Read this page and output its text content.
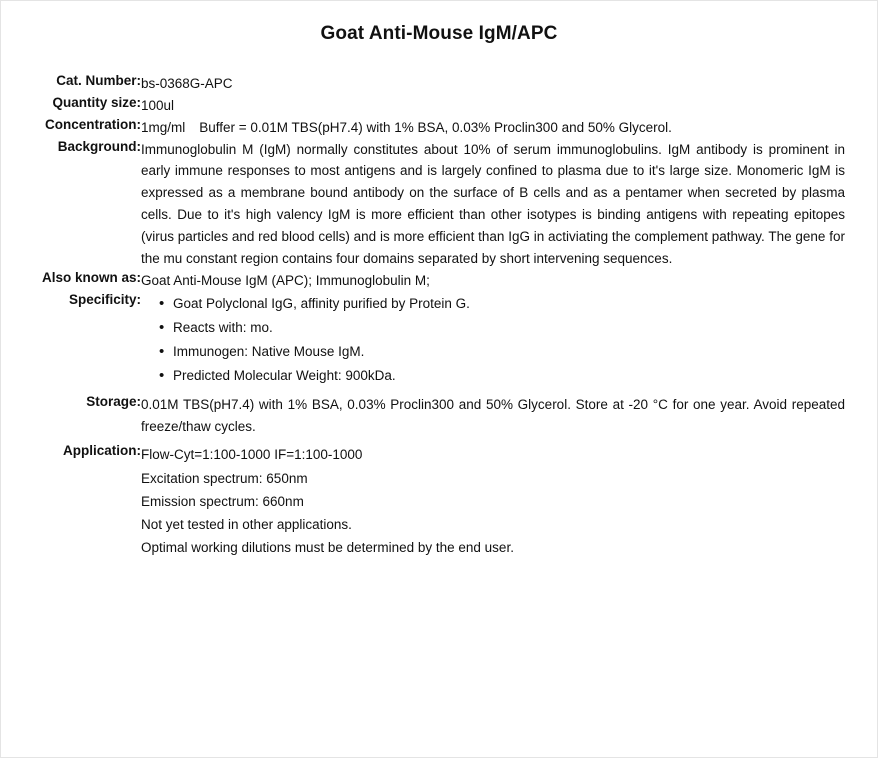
Goat Anti-Mouse IgM/APC
Cat. Number:	bs-0368G-APC
Quantity size:	100ul
Concentration:	1mg/ml Buffer = 0.01M TBS(pH7.4) with 1% BSA, 0.03% Proclin300 and 50% Glycerol.
Background:	Immunoglobulin M (IgM) normally constitutes about 10% of serum immunoglobulins. IgM antibody is prominent in early immune responses to most antigens and is largely confined to plasma due to it's large size. Monomeric IgM is expressed as a membrane bound antibody on the surface of B cells and as a pentamer when secreted by plasma cells. Due to it's high valency IgM is more efficient than other isotypes is binding antigens with repeating epitopes (virus particles and red blood cells) and is more efficient than IgG in activiating the complement pathway. The gene for the mu constant region contains four domains separated by short intervening sequences.
Also known as:	Goat Anti-Mouse IgM (APC); Immunoglobulin M;
Specificity:	
•Goat Polyclonal IgG, affinity purified by Protein G.
• Reacts with: mo.
• Immunogen: Native Mouse IgM.
• Predicted Molecular Weight: 900kDa.

Storage:	0.01M TBS(pH7.4) with 1% BSA, 0.03% Proclin300 and 50% Glycerol. Store at -20 °C for one year. Avoid repeated freeze/thaw cycles.

Application:	Flow-Cyt=1:100-1000 IF=1:100-1000
Excitation spectrum: 650nm
Emission spectrum: 660nm
Not yet tested in other applications.
Optimal working dilutions must be determined by the end user.
